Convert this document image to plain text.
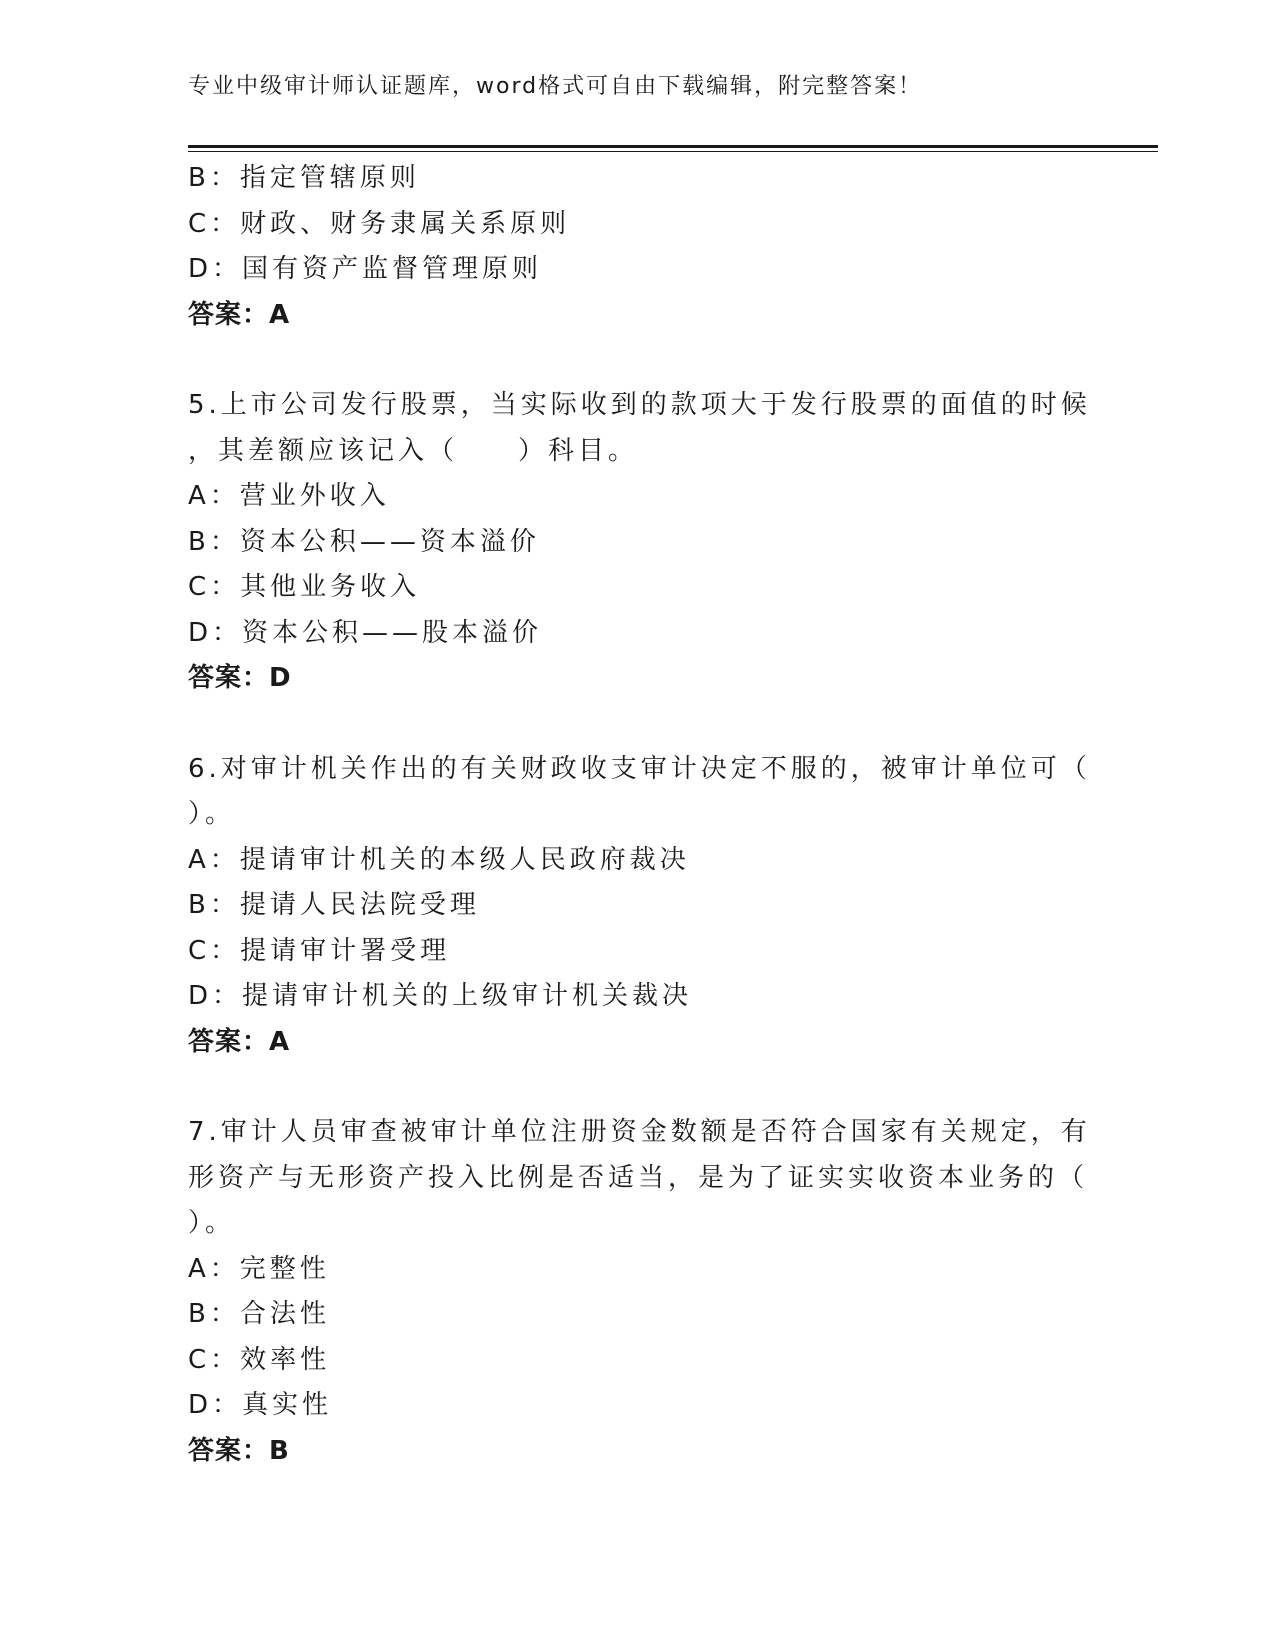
专业中级审计师认证题库，word格式可自由下载编辑，附完整答案！
B：指定管辖原则
C：财政、财务隶属关系原则
D：国有资产监督管理原则
答案：A
5.上市公司发行股票，当实际收到的款项大于发行股票的面值的时候
，其差额应该记入（　　）科目。
A：营业外收入
B：资本公积——资本溢价
C：其他业务收入
D：资本公积——股本溢价
答案：D
6.对审计机关作出的有关财政收支审计决定不服的，被审计单位可（
）。
A：提请审计机关的本级人民政府裁决
B：提请人民法院受理
C：提请审计署受理
D：提请审计机关的上级审计机关裁决
答案：A
7.审计人员审查被审计单位注册资金数额是否符合国家有关规定，有
形资产与无形资产投入比例是否适当，是为了证实实收资本业务的（
）。
A：完整性
B：合法性
C：效率性
D：真实性
答案：B
